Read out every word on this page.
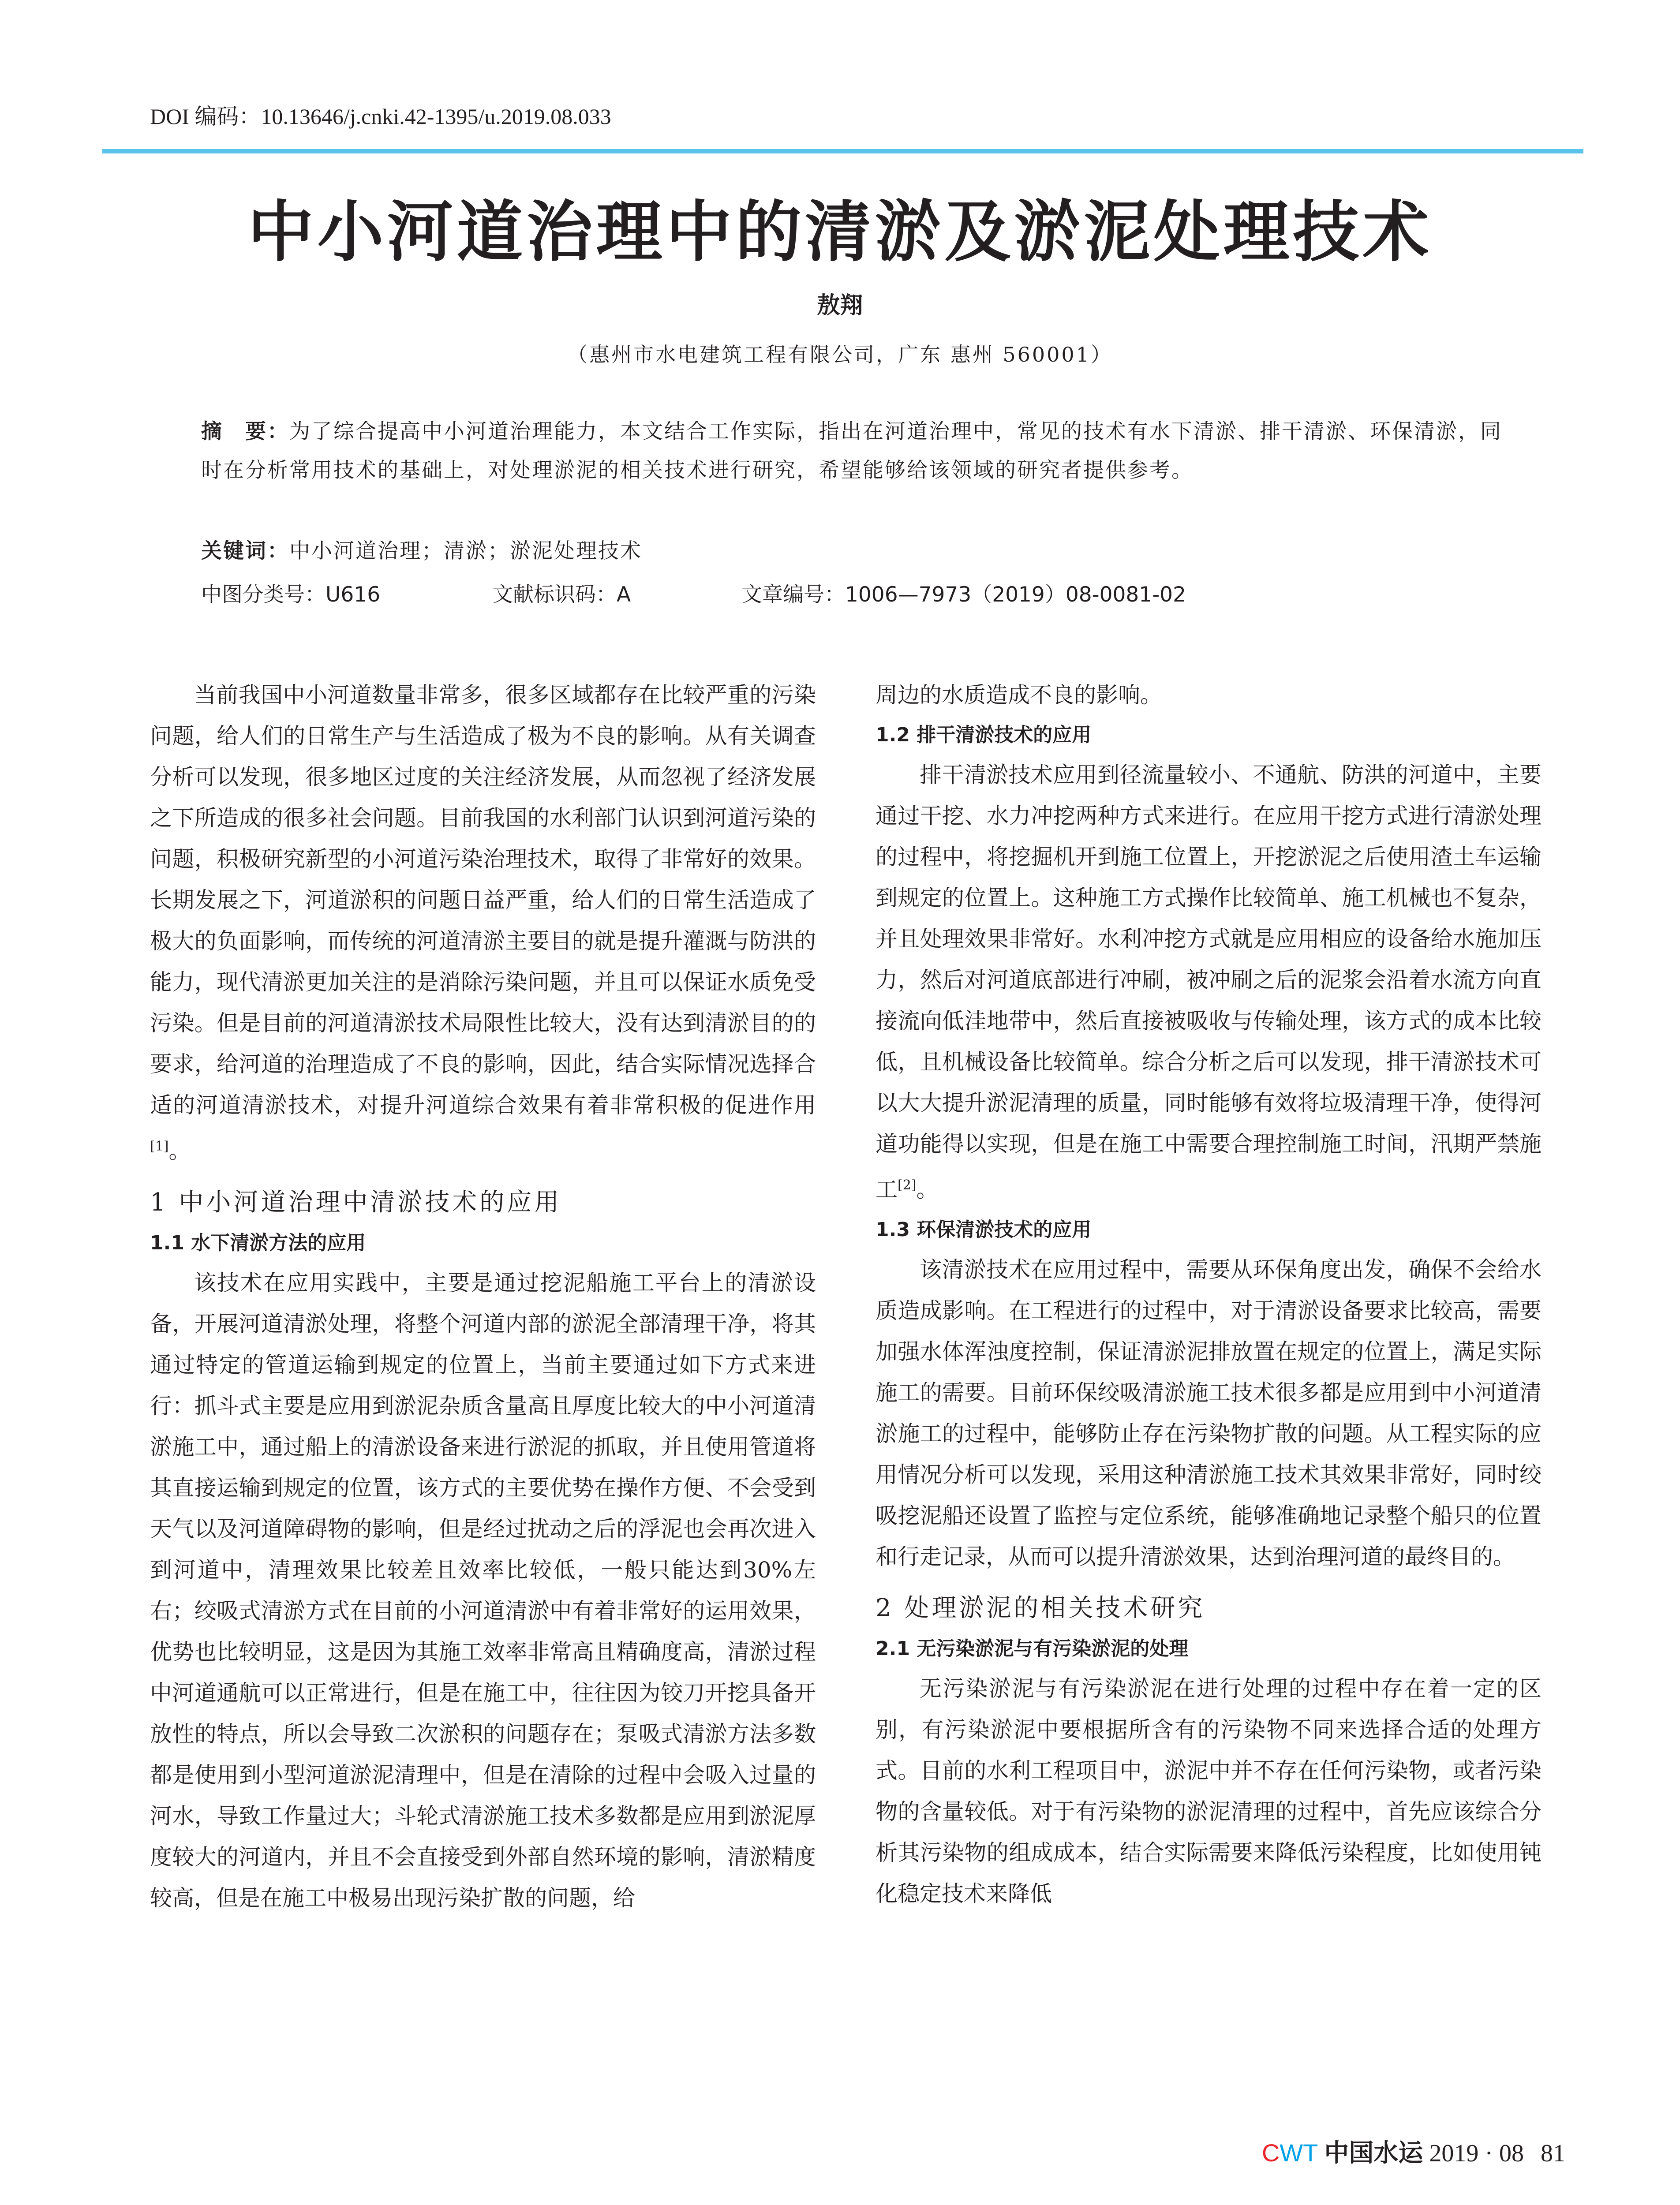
DOI 编码：10.13646/j.cnki.42-1395/u.2019.08.033
中小河道治理中的清淤及淤泥处理技术
敖翔
（惠州市水电建筑工程有限公司，广东 惠州 560001）
摘　要：为了综合提高中小河道治理能力，本文结合工作实际，指出在河道治理中，常见的技术有水下清淤、排干清淤、环保清淤，同时在分析常用技术的基础上，对处理淤泥的相关技术进行研究，希望能够给该领域的研究者提供参考。
关键词：中小河道治理；清淤；淤泥处理技术
中图分类号：U616	文献标识码：A	文章编号：1006—7973（2019）08-0081-02

当前我国中小河道数量非常多，很多区域都存在比较严重的污染问题，给人们的日常生产与生活造成了极为不良的影响。从有关调查分析可以发现，很多地区过度的关注经济发展，从而忽视了经济发展之下所造成的很多社会问题。目前我国的水利部门认识到河道污染的问题，积极研究新型的小河道污染治理技术，取得了非常好的效果。长期发展之下，河道淤积的问题日益严重，给人们的日常生活造成了极大的负面影响，而传统的河道清淤主要目的就是提升灌溉与防洪的能力，现代清淤更加关注的是消除污染问题，并且可以保证水质免受污染。但是目前的河道清淤技术局限性比较大，没有达到清淤目的的要求，给河道的治理造成了不良的影响，因此，结合实际情况选择合适的河道清淤技术，对提升河道综合效果有着非常积极的促进作用[1]。

1 中小河道治理中清淤技术的应用
1.1 水下清淤方法的应用

该技术在应用实践中，主要是通过挖泥船施工平台上的清淤设备，开展河道清淤处理，将整个河道内部的淤泥全部清理干净，将其通过特定的管道运输到规定的位置上，当前主要通过如下方式来进行：抓斗式主要是应用到淤泥杂质含量高且厚度比较大的中小河道清淤施工中，通过船上的清淤设备来进行淤泥的抓取，并且使用管道将其直接运输到规定的位置，该方式的主要优势在操作方便、不会受到天气以及河道障碍物的影响，但是经过扰动之后的浮泥也会再次进入到河道中，清理效果比较差且效率比较低，一般只能达到30%左右；绞吸式清淤方式在目前的小河道清淤中有着非常好的运用效果，优势也比较明显，这是因为其施工效率非常高且精确度高，清淤过程中河道通航可以正常进行，但是在施工中，往往因为铰刀开挖具备开放性的特点，所以会导致二次淤积的问题存在；泵吸式清淤方法多数都是使用到小型河道淤泥清理中，但是在清除的过程中会吸入过量的河水，导致工作量过大；斗轮式清淤施工技术多数都是应用到淤泥厚度较大的河道内，并且不会直接受到外部自然环境的影响，清淤精度较高，但是在施工中极易出现污染扩散的问题，给

周边的水质造成不良的影响。

1.2 排干清淤技术的应用

排干清淤技术应用到径流量较小、不通航、防洪的河道中，主要通过干挖、水力冲挖两种方式来进行。在应用干挖方式进行清淤处理的过程中，将挖掘机开到施工位置上，开挖淤泥之后使用渣土车运输到规定的位置上。这种施工方式操作比较简单、施工机械也不复杂，并且处理效果非常好。水利冲挖方式就是应用相应的设备给水施加压力，然后对河道底部进行冲刷，被冲刷之后的泥浆会沿着水流方向直接流向低洼地带中，然后直接被吸收与传输处理，该方式的成本比较低，且机械设备比较简单。综合分析之后可以发现，排干清淤技术可以大大提升淤泥清理的质量，同时能够有效将垃圾清理干净，使得河道功能得以实现，但是在施工中需要合理控制施工时间，汛期严禁施工[2]。

1.3 环保清淤技术的应用

该清淤技术在应用过程中，需要从环保角度出发，确保不会给水质造成影响。在工程进行的过程中，对于清淤设备要求比较高，需要加强水体浑浊度控制，保证清淤泥排放置在规定的位置上，满足实际施工的需要。目前环保绞吸清淤施工技术很多都是应用到中小河道清淤施工的过程中，能够防止存在污染物扩散的问题。从工程实际的应用情况分析可以发现，采用这种清淤施工技术其效果非常好，同时绞吸挖泥船还设置了监控与定位系统，能够准确地记录整个船只的位置和行走记录，从而可以提升清淤效果，达到治理河道的最终目的。

2 处理淤泥的相关技术研究
2.1 无污染淤泥与有污染淤泥的处理

无污染淤泥与有污染淤泥在进行处理的过程中存在着一定的区别，有污染淤泥中要根据所含有的污染物不同来选择合适的处理方式。目前的水利工程项目中，淤泥中并不存在任何污染物，或者污染物的含量较低。对于有污染物的淤泥清理的过程中，首先应该综合分析其污染物的组成成本，结合实际需要来降低污染程度，比如使用钝化稳定技术来降低

CWT 中国水运 2019 · 08 81
